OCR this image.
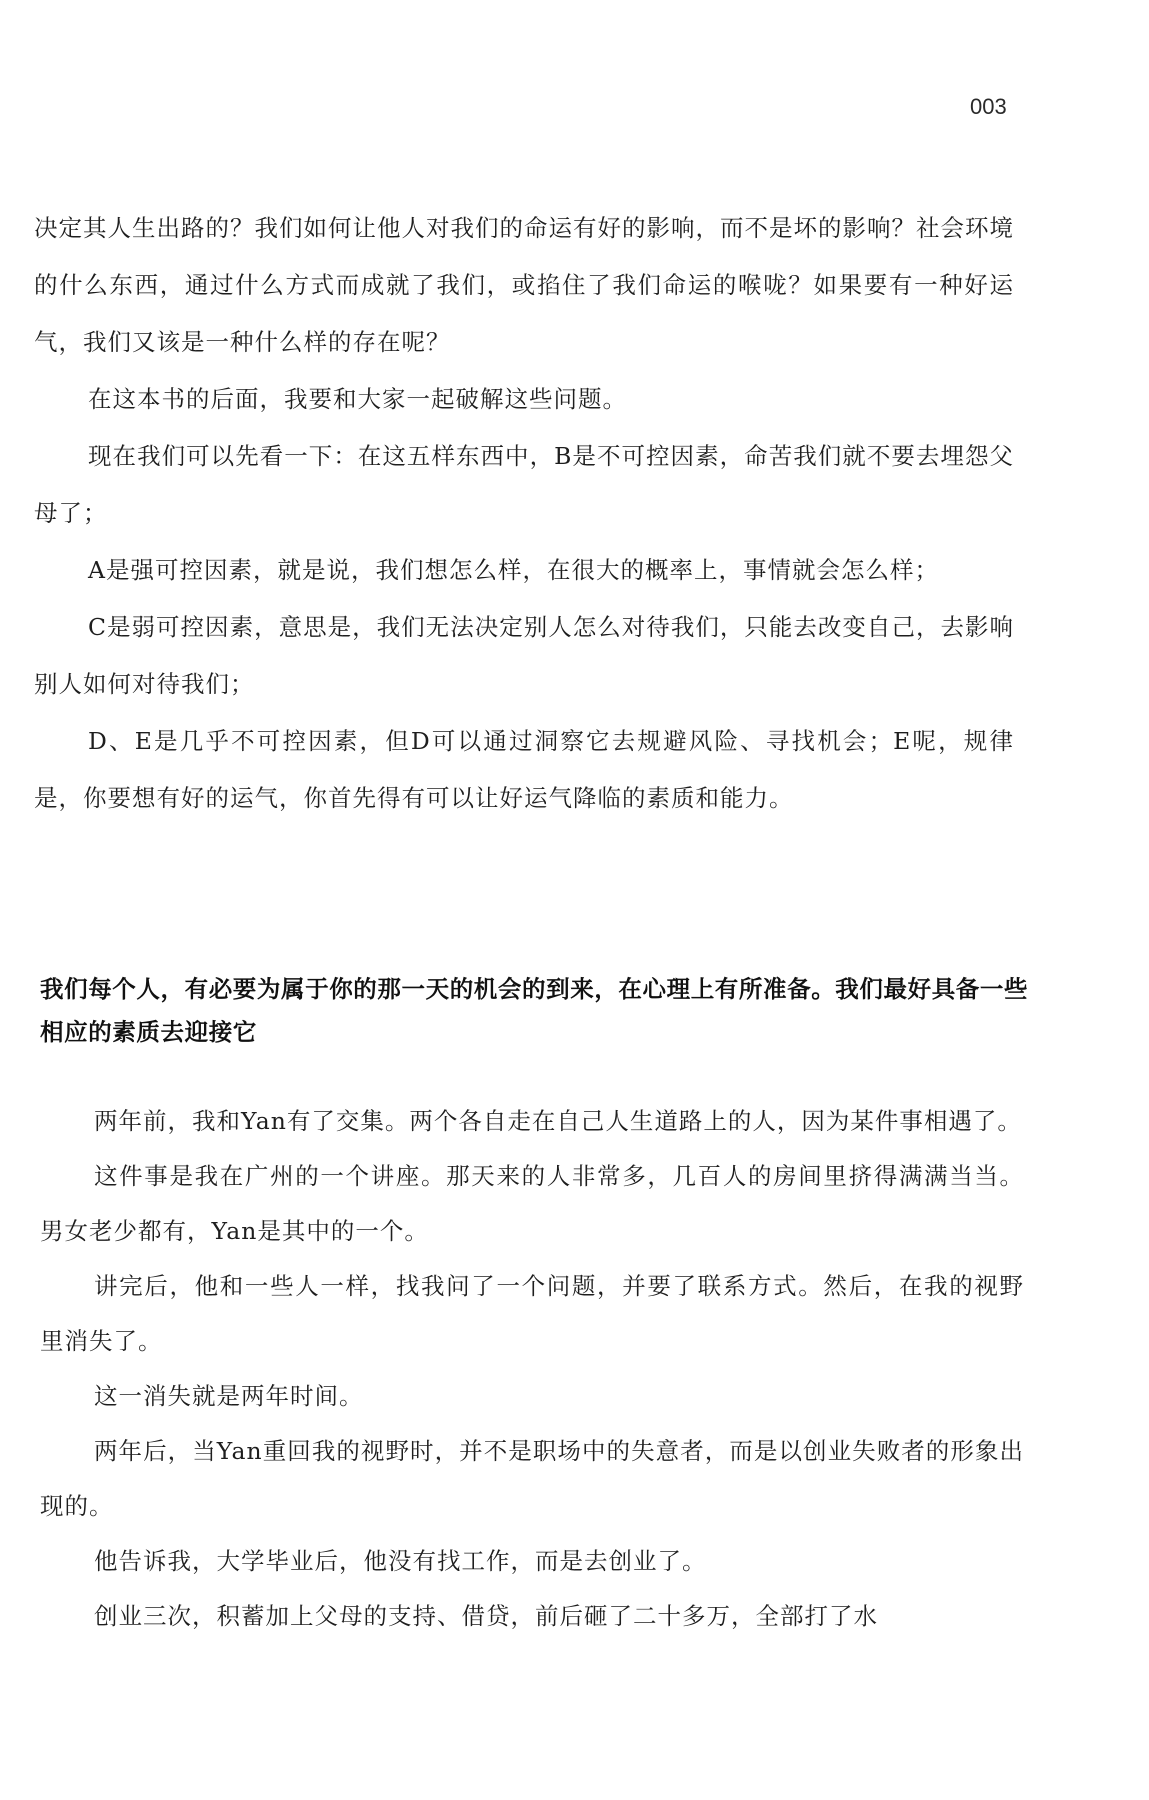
003

决定其人生出路的？我们如何让他人对我们的命运有好的影响，而不是坏的影响？社会环境的什么东西，通过什么方式而成就了我们，或掐住了我们命运的喉咙？如果要有一种好运气，我们又该是一种什么样的存在呢？

在这本书的后面，我要和大家一起破解这些问题。

现在我们可以先看一下：在这五样东西中，B是不可控因素，命苦我们就不要去埋怨父母了；

A是强可控因素，就是说，我们想怎么样，在很大的概率上，事情就会怎么样；

C是弱可控因素，意思是，我们无法决定别人怎么对待我们，只能去改变自己，去影响别人如何对待我们；

D、E是几乎不可控因素，但D可以通过洞察它去规避风险、寻找机会；E呢，规律是，你要想有好的运气，你首先得有可以让好运气降临的素质和能力。

我们每个人，有必要为属于你的那一天的机会的到来，在心理上有所准备。我们最好具备一些相应的素质去迎接它

两年前，我和Yan有了交集。两个各自走在自己人生道路上的人，因为某件事相遇了。

这件事是我在广州的一个讲座。那天来的人非常多，几百人的房间里挤得满满当当。男女老少都有，Yan是其中的一个。

讲完后，他和一些人一样，找我问了一个问题，并要了联系方式。然后，在我的视野里消失了。

这一消失就是两年时间。

两年后，当Yan重回我的视野时，并不是职场中的失意者，而是以创业失败者的形象出现的。

他告诉我，大学毕业后，他没有找工作，而是去创业了。

创业三次，积蓄加上父母的支持、借贷，前后砸了二十多万，全部打了水
